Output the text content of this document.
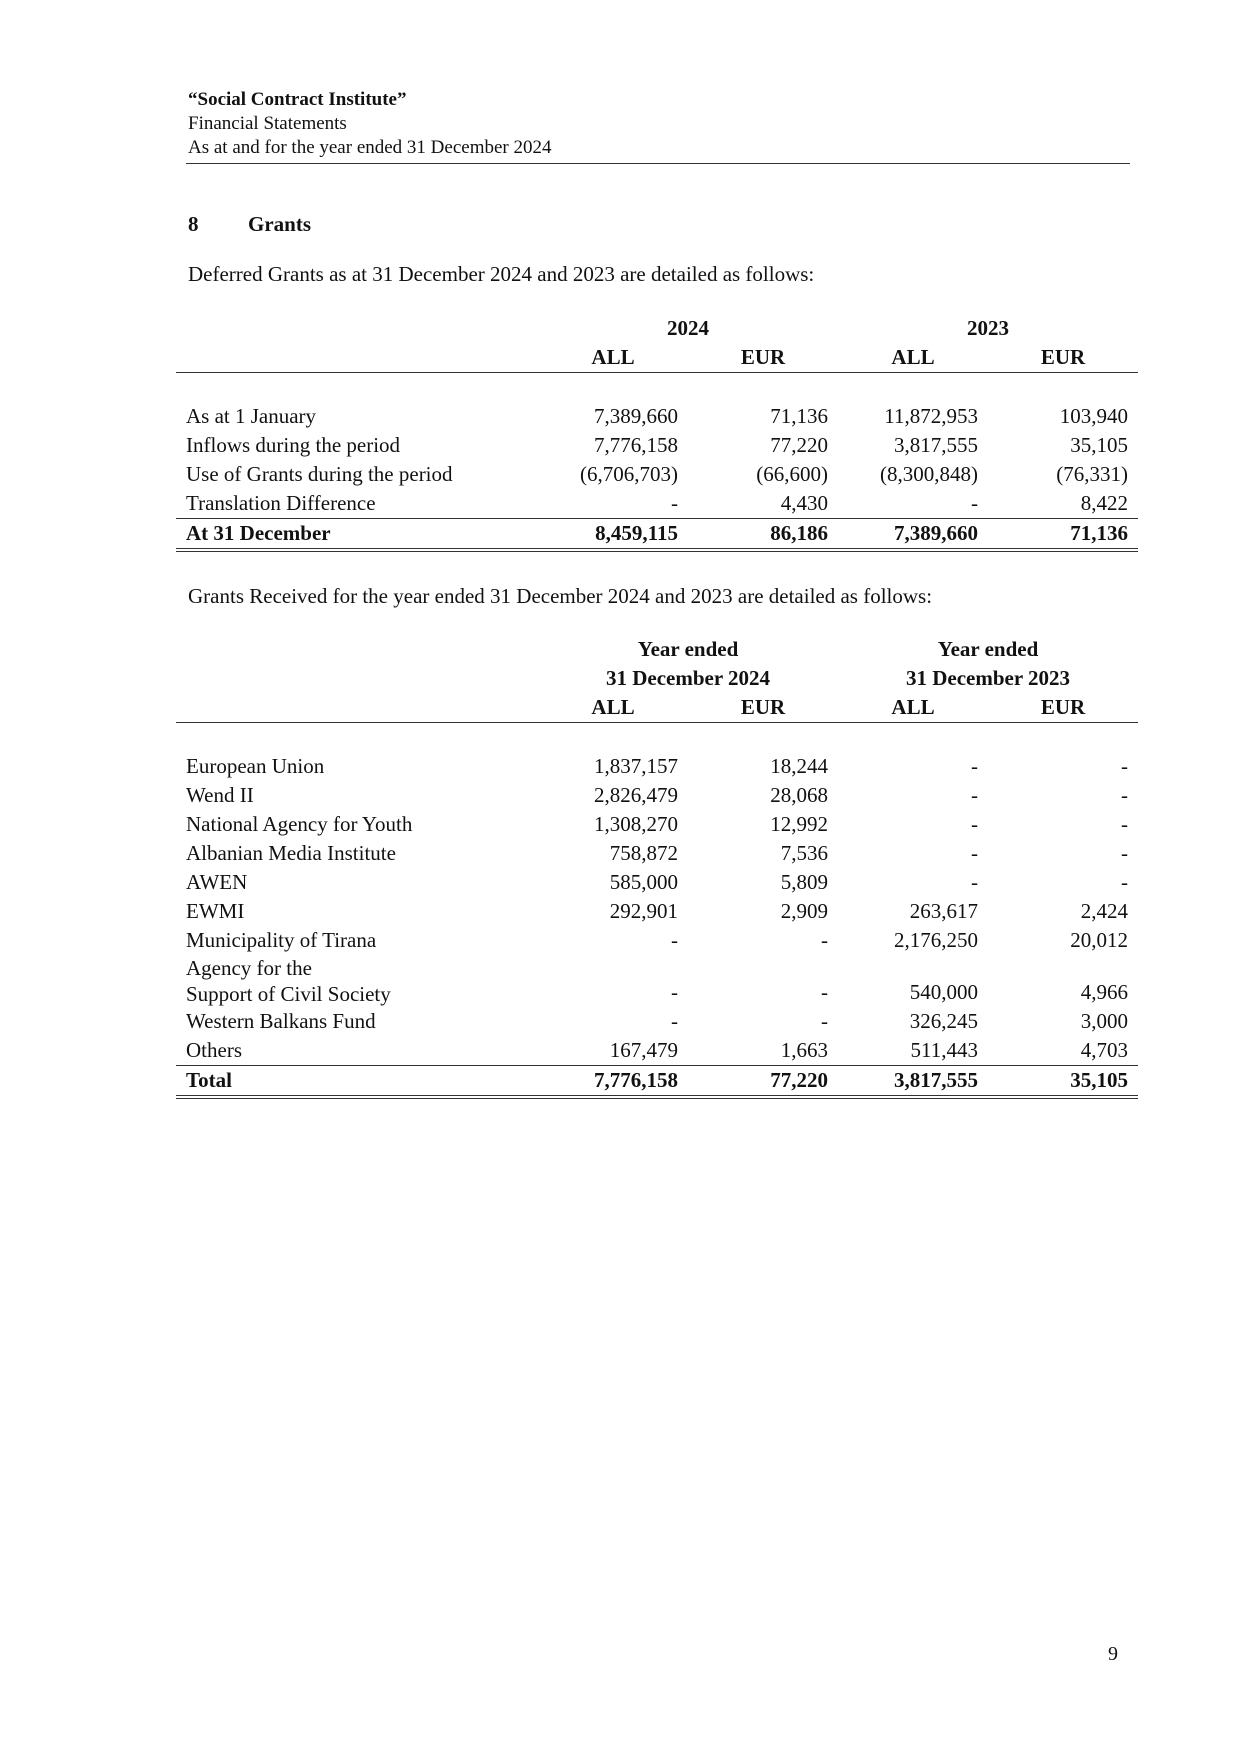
“Social Contract Institute”
Financial Statements
As at and for the year ended 31 December 2024
8 Grants
Deferred Grants as at 31 December 2024 and 2023 are detailed as follows:
	2024		2023	
	ALL	EUR	ALL	EUR

As at 1 January	7,389,660	71,136	11,872,953	103,940
Inflows during the period	7,776,158	77,220	3,817,555	35,105
Use of Grants during the period	(6,706,703)	(66,600)	(8,300,848)	(76,331)
Translation Difference	-	4,430	-	8,422
At 31 December	8,459,115	86,186	7,389,660	71,136
Grants Received for the year ended 31 December 2024 and 2023 are detailed as follows:
	Year ended		Year ended	
	31 December 2024		31 December 2023	
	ALL	EUR	ALL	EUR

European Union	1,837,157	18,244	-	-
Wend II	2,826,479	28,068	-	-
National Agency for Youth	1,308,270	12,992	-	-
Albanian Media Institute	758,872	7,536	-	-
AWEN	585,000	5,809	-	-
EWMI	292,901	2,909	263,617	2,424
Municipality of Tirana	-	-	2,176,250	20,012

Agency for the
Support of Civil Society	-	-	540,000	4,966
Western Balkans Fund	-	-	326,245	3,000
Others	167,479	1,663	511,443	4,703
Total	7,776,158	77,220	3,817,555	35,105
9
